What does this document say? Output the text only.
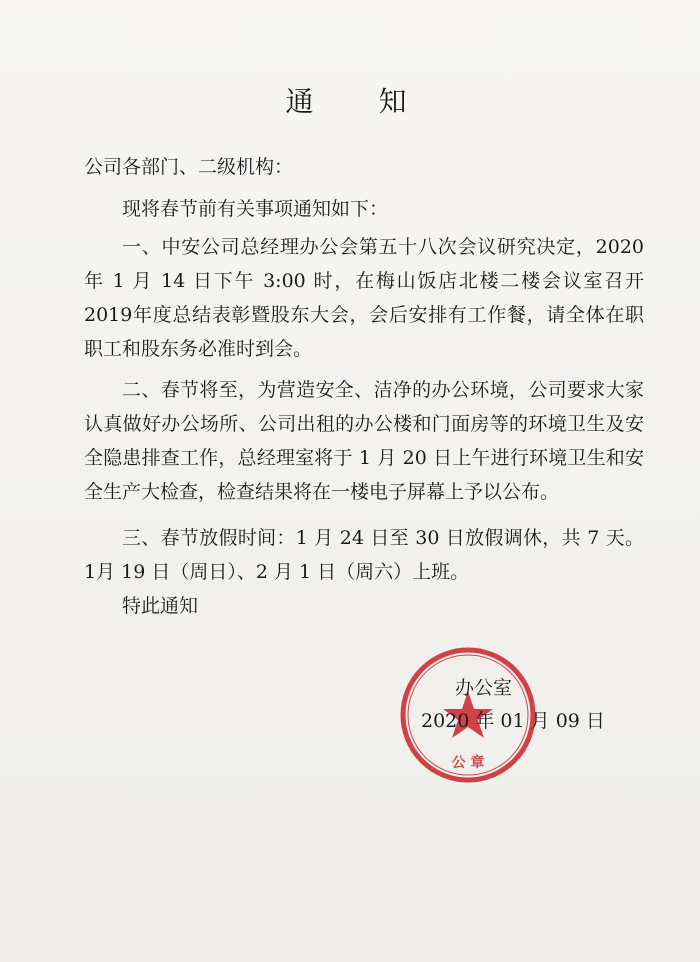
通 知

公司各部门、二级机构：

现将春节前有关事项通知如下：

一、中安公司总经理办公会第五十八次会议研究决定，2020年 1 月 14 日下午 3:00 时，在梅山饭店北楼二楼会议室召开 2019年度总结表彰暨股东大会，会后安排有工作餐，请全体在职职工和股东务必准时到会。

二、春节将至，为营造安全、洁净的办公环境，公司要求大家认真做好办公场所、公司出租的办公楼和门面房等的环境卫生及安全隐患排查工作，总经理室将于 1 月 20 日上午进行环境卫生和安全生产大检查，检查结果将在一楼电子屏幕上予以公布。

三、春节放假时间：1 月 24 日至 30 日放假调休，共 7 天。1月 19 日（周日）、2 月 1 日（周六）上班。

特此通知

公 章
办公室
2020 年 01 月 09 日
